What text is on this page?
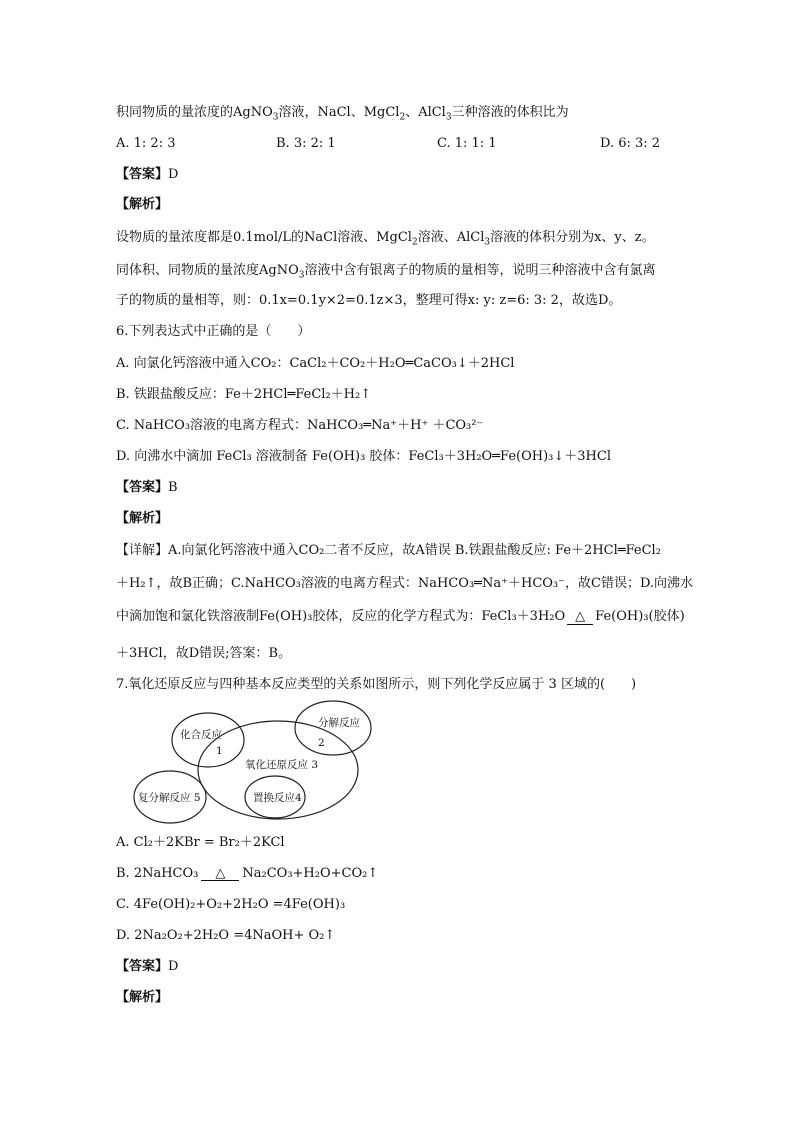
积同物质的量浓度的AgNO$_3$溶液，NaCl、MgCl$_2$、AlCl$_3$三种溶液的体积比为
A. 1: 2: 3	B. 3: 2: 1	C. 1: 1: 1	D. 6: 3: 2
【答案】D
【解析】
设物质的量浓度都是0.1mol/L的NaCl溶液、MgCl$_2$溶液、AlCl$_3$溶液的体积分别为x、y、z。
同体积、同物质的量浓度AgNO$_3$溶液中含有银离子的物质的量相等，说明三种溶液中含有氯离
子的物质的量相等，则：0.1x=0.1y×2=0.1z×3，整理可得x: y: z=6: 3: 2，故选D。
6.下列表达式中正确的是（　　）
A. 向氯化钙溶液中通入CO₂：CaCl₂＋CO₂＋H₂O═CaCO₃↓＋2HCl
B. 铁跟盐酸反应：Fe＋2HCl═FeCl₂＋H₂↑
C. NaHCO₃溶液的电离方程式：NaHCO₃═Na⁺＋H⁺ ＋CO₃²⁻
D. 向沸水中滴加 FeCl₃ 溶液制备 Fe(OH)₃ 胶体：FeCl₃＋3H₂O═Fe(OH)₃↓＋3HCl
【答案】B
【解析】
【详解】A.向氯化钙溶液中通入CO₂二者不反应，故A错误 B.铁跟盐酸反应: Fe＋2HCl═FeCl₂
＋H₂↑，故B正确；C.NaHCO₃溶液的电离方程式：NaHCO₃═Na⁺＋HCO₃⁻，故C错误；D.向沸水
中滴加饱和氯化铁溶液制Fe(OH)₃胶体，反应的化学方程式为：FeCl₃＋3H₂O △ Fe(OH)₃(胶体)
＋3HCl，故D错误;答案：B。
7.氧化还原反应与四种基本反应类型的关系如图所示，则下列化学反应属于 3 区域的(　　)
化合反应
1
分解反应
2
氧化还原反应 3
置换反应4
复分解反应 5
A. Cl₂＋2KBr = Br₂＋2KCl
B. 2NaHCO₃ △ Na₂CO₃+H₂O+CO₂↑
C. 4Fe(OH)₂+O₂+2H₂O =4Fe(OH)₃
D. 2Na₂O₂+2H₂O =4NaOH+ O₂↑
【答案】D
【解析】
